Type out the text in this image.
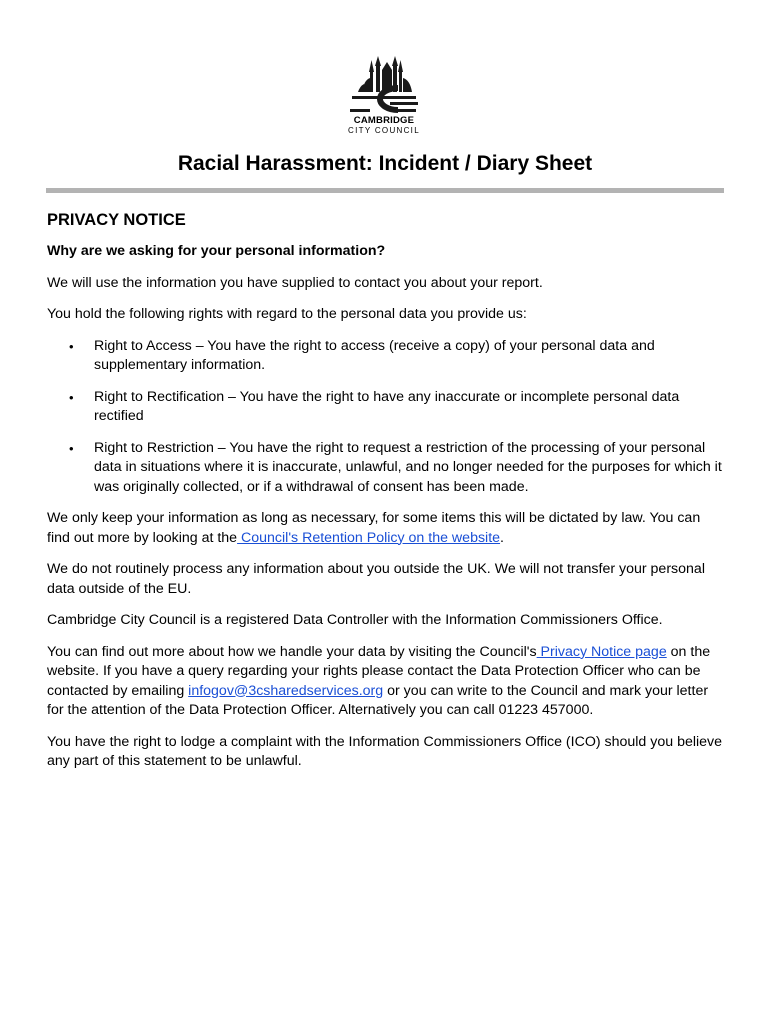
CAMBRIDGE
CITY COUNCIL
Racial Harassment: Incident / Diary Sheet
PRIVACY NOTICE
Why are we asking for your personal information?

We will use the information you have supplied to contact you about your report.

You hold the following rights with regard to the personal data you provide us:

• Right to Access – You have the right to access (receive a copy) of your personal data and supplementary information.
• Right to Rectification – You have the right to have any inaccurate or incomplete personal data rectified
• Right to Restriction – You have the right to request a restriction of the processing of your personal data in situations where it is inaccurate, unlawful, and no longer needed for the purposes for which it was originally collected, or if a withdrawal of consent has been made.

We only keep your information as long as necessary, for some items this will be dictated by law. You can find out more by looking at the Council's Retention Policy on the website.

We do not routinely process any information about you outside the UK. We will not transfer your personal data outside of the EU.

Cambridge City Council is a registered Data Controller with the Information Commissioners Office.

You can find out more about how we handle your data by visiting the Council's Privacy Notice page on the website. If you have a query regarding your rights please contact the Data Protection Officer who can be contacted by emailing infogov@3csharedservices.org or you can write to the Council and mark your letter for the attention of the Data Protection Officer. Alternatively you can call 01223 457000.

You have the right to lodge a complaint with the Information Commissioners Office (ICO) should you believe any part of this statement to be unlawful.
